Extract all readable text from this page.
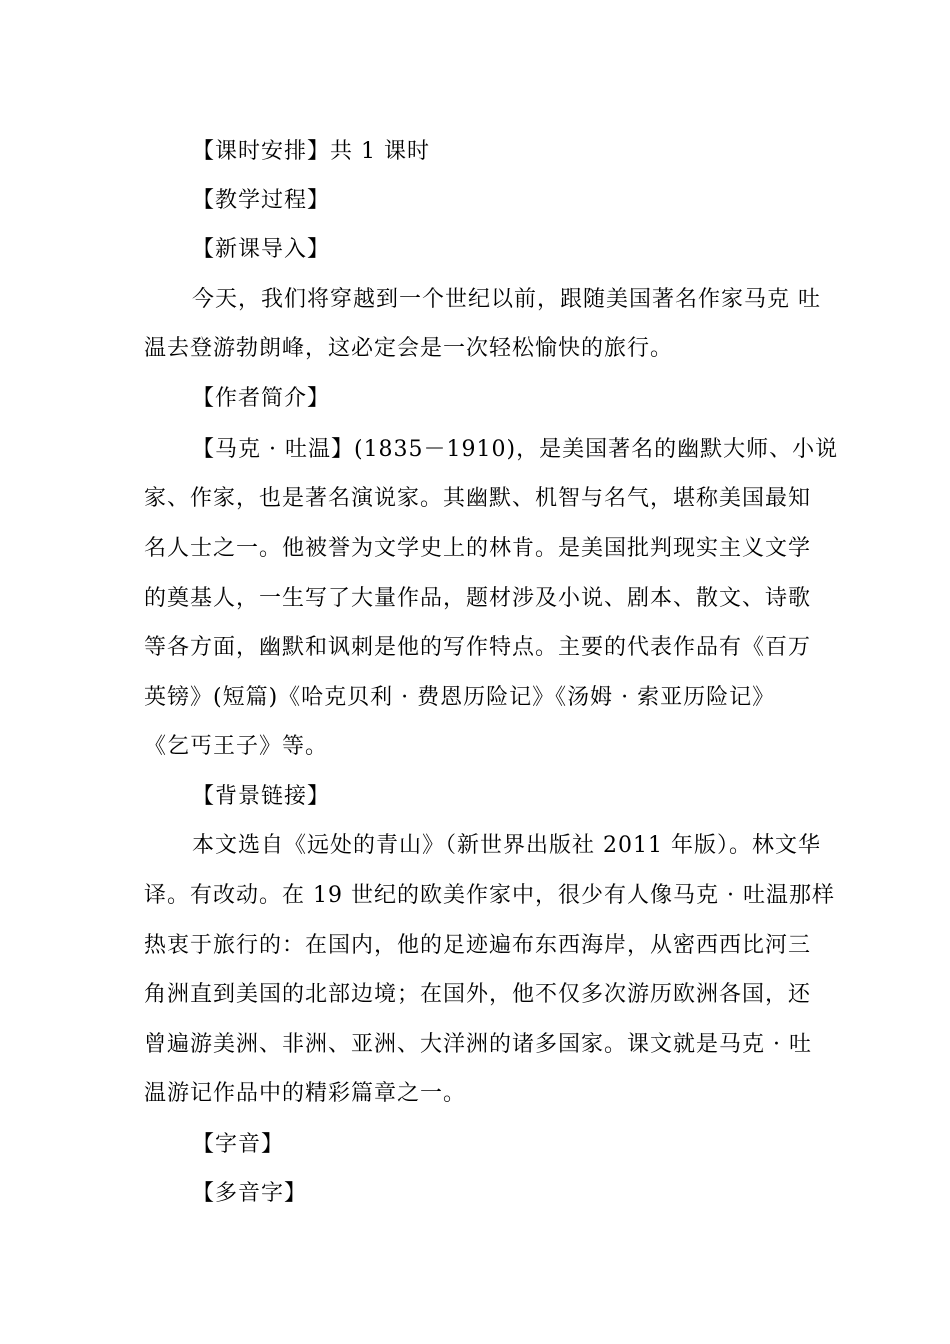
【课时安排】共 1 课时
【教学过程】
【新课导入】
今天，我们将穿越到一个世纪以前，跟随美国著名作家马克 吐
温去登游勃朗峰，这必定会是一次轻松愉快的旅行。
【作者简介】
【马克 · 吐温】(1835－1910)，是美国著名的幽默大师、小说
家、作家，也是著名演说家。其幽默、机智与名气，堪称美国最知
名人士之一。他被誉为文学史上的林肯。是美国批判现实主义文学
的奠基人，一生写了大量作品，题材涉及小说、剧本、散文、诗歌
等各方面，幽默和讽刺是他的写作特点。主要的代表作品有《百万
英镑》(短篇)《哈克贝利 · 费恩历险记》《汤姆 · 索亚历险记》
《乞丐王子》等。
【背景链接】
本文选自《远处的青山》（新世界出版社 2011 年版）。林文华
译。有改动。在 19 世纪的欧美作家中，很少有人像马克 · 吐温那样
热衷于旅行的：在国内，他的足迹遍布东西海岸，从密西西比河三
角洲直到美国的北部边境；在国外，他不仅多次游历欧洲各国，还
曾遍游美洲、非洲、亚洲、大洋洲的诸多国家。课文就是马克 · 吐
温游记作品中的精彩篇章之一。
【字音】
【多音字】
